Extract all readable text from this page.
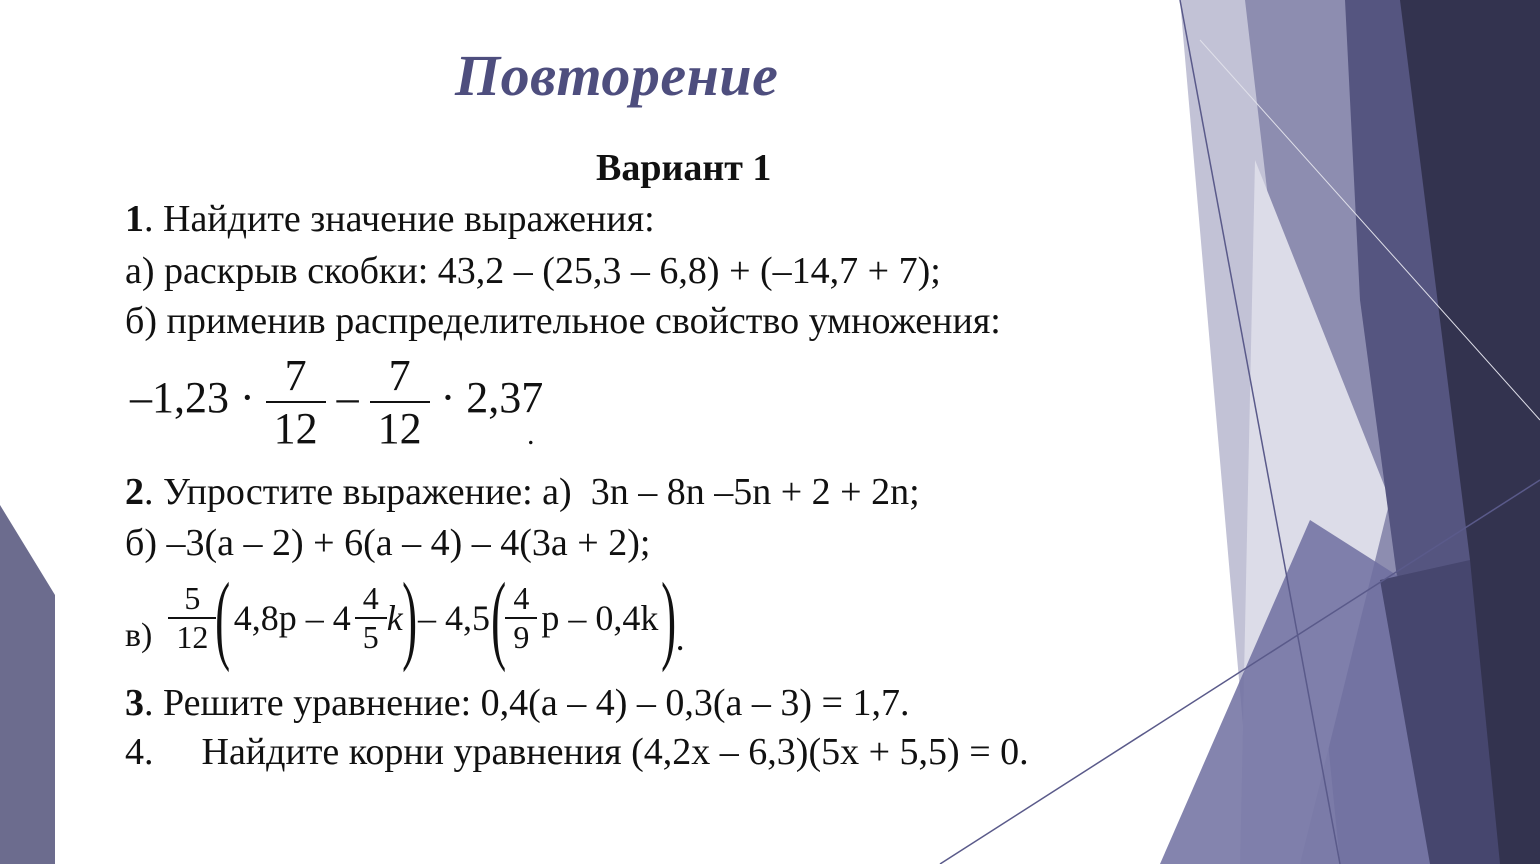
Повторение
Вариант 1
1. Найдите значение выражения:
а) раскрыв скобки: 43,2 – (25,3 – 6,8) + (–14,7 + 7);
б) применив распределительное свойство умножения:
$-1,23 \cdot \frac{7}{12} - \frac{7}{12} \cdot 2,37$
.
2. Упростите выражение: а) 3n – 8n –5n + 2 + 2n;
б) –3(a – 2) + 6(a – 4) – 4(3a + 2);
$в) \frac{5}{12}$ ( $4,8p - 4 \frac{4}{5}$ k ) – 4,5 ( $\frac{4}{9}$ p – 0,4k ) .
3. Решите уравнение: 0,4(a – 4) – 0,3(a – 3) = 1,7.
4. Найдите корни уравнения (4,2x – 6,3)(5x + 5,5) = 0.
